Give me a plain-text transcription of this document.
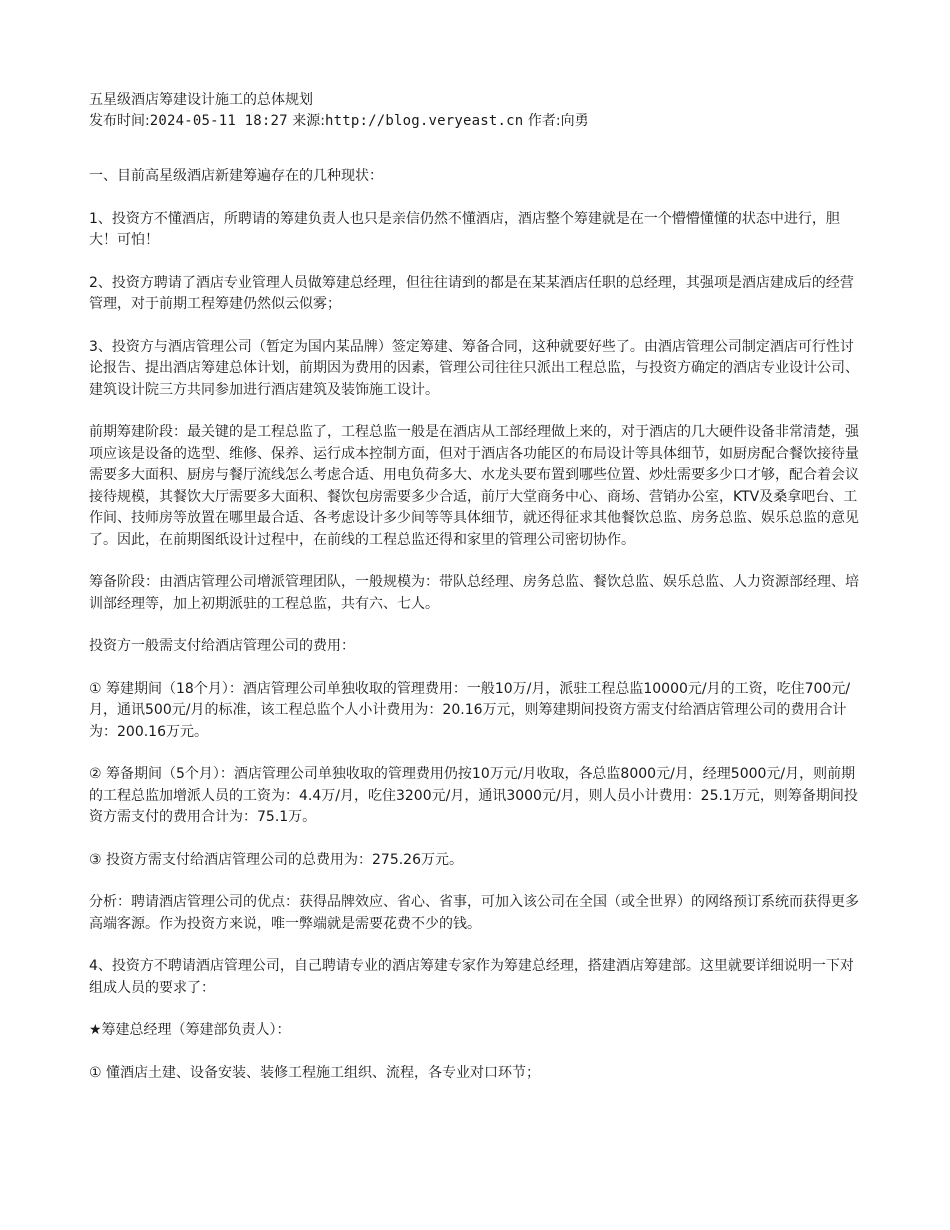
五星级酒店筹建设计施工的总体规划

发布时间:2024-05-11 18:27 来源:http://blog.veryeast.cn 作者:向勇

一、目前高星级酒店新建筹遍存在的几种现状：

1、投资方不懂酒店，所聘请的筹建负责人也只是亲信仍然不懂酒店，酒店整个筹建就是在一个懵懵懂懂的状态中进行，胆大！可怕！

2、投资方聘请了酒店专业管理人员做筹建总经理，但往往请到的都是在某某酒店任职的总经理，其强项是酒店建成后的经营管理，对于前期工程筹建仍然似云似雾；

3、投资方与酒店管理公司（暂定为国内某品牌）签定筹建、筹备合同，这种就要好些了。由酒店管理公司制定酒店可行性讨论报告、提出酒店筹建总体计划，前期因为费用的因素，管理公司往往只派出工程总监，与投资方确定的酒店专业设计公司、建筑设计院三方共同参加进行酒店建筑及装饰施工设计。

前期筹建阶段：最关键的是工程总监了，工程总监一般是在酒店从工部经理做上来的，对于酒店的几大硬件设备非常清楚，强项应该是设备的选型、维修、保养、运行成本控制方面，但对于酒店各功能区的布局设计等具体细节，如厨房配合餐饮接待量需要多大面积、厨房与餐厅流线怎么考虑合适、用电负荷多大、水龙头要布置到哪些位置、炒灶需要多少口才够，配合着会议接待规模，其餐饮大厅需要多大面积、餐饮包房需要多少合适，前厅大堂商务中心、商场、营销办公室，KTV及桑拿吧台、工作间、技师房等放置在哪里最合适、各考虑设计多少间等等具体细节，就还得征求其他餐饮总监、房务总监、娱乐总监的意见了。因此，在前期图纸设计过程中，在前线的工程总监还得和家里的管理公司密切协作。

筹备阶段：由酒店管理公司增派管理团队，一般规模为：带队总经理、房务总监、餐饮总监、娱乐总监、人力资源部经理、培训部经理等，加上初期派驻的工程总监，共有六、七人。

投资方一般需支付给酒店管理公司的费用：

① 筹建期间（18个月）：酒店管理公司单独收取的管理费用：一般10万/月，派驻工程总监10000元/月的工资，吃住700元/月，通讯500元/月的标准，该工程总监个人小计费用为：20.16万元，则筹建期间投资方需支付给酒店管理公司的费用合计为：200.16万元。

② 筹备期间（5个月）：酒店管理公司单独收取的管理费用仍按10万元/月收取，各总监8000元/月，经理5000元/月，则前期的工程总监加增派人员的工资为：4.4万/月，吃住3200元/月，通讯3000元/月，则人员小计费用：25.1万元，则筹备期间投资方需支付的费用合计为：75.1万。

③ 投资方需支付给酒店管理公司的总费用为：275.26万元。

分析：聘请酒店管理公司的优点：获得品牌效应、省心、省事，可加入该公司在全国（或全世界）的网络预订系统而获得更多高端客源。作为投资方来说，唯一弊端就是需要花费不少的钱。

4、投资方不聘请酒店管理公司，自己聘请专业的酒店筹建专家作为筹建总经理，搭建酒店筹建部。这里就要详细说明一下对组成人员的要求了：

★筹建总经理（筹建部负责人）：

① 懂酒店土建、设备安装、装修工程施工组织、流程，各专业对口环节；
